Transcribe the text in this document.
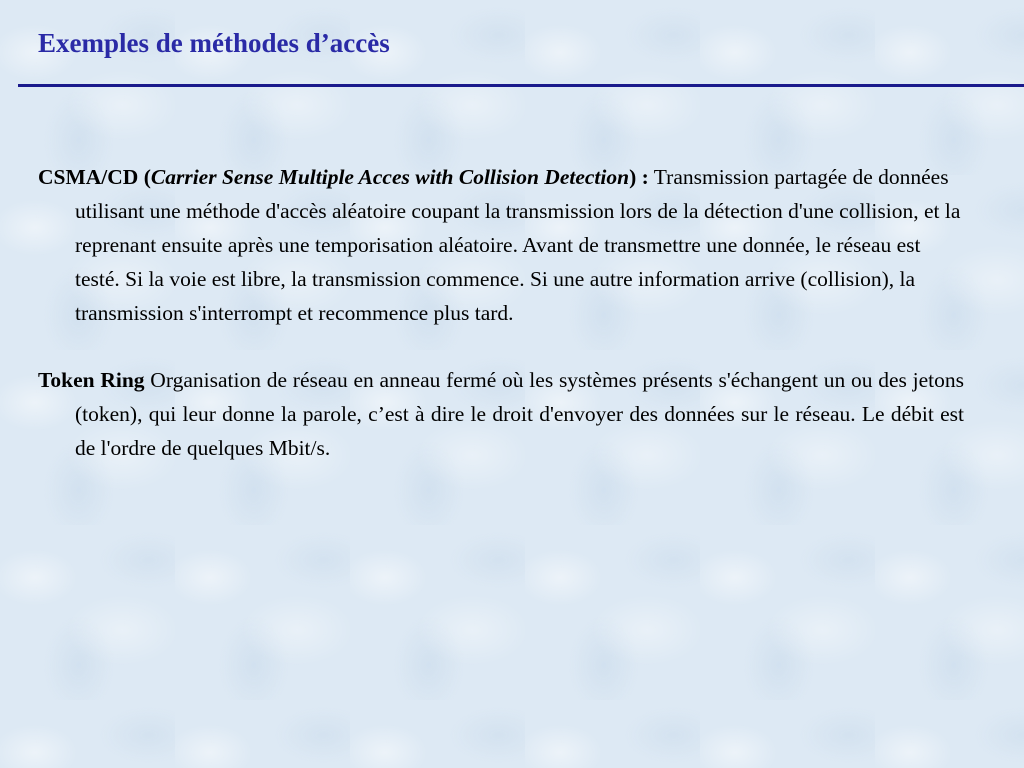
Exemples de méthodes d’accès

CSMA/CD (Carrier Sense Multiple Acces with Collision Detection) : Transmission partagée de données utilisant une méthode d'accès aléatoire coupant la transmission lors de la détection d'une collision, et la reprenant ensuite après une temporisation aléatoire. Avant de transmettre une donnée, le réseau est testé. Si la voie est libre, la transmission commence. Si une autre information arrive (collision), la transmission s'interrompt et recommence plus tard.

Token Ring Organisation de réseau en anneau fermé où les systèmes présents s'échangent un ou des jetons (token), qui leur donne la parole, c’est à dire le droit d'envoyer des données sur le réseau. Le débit est de l'ordre de quelques Mbit/s.
